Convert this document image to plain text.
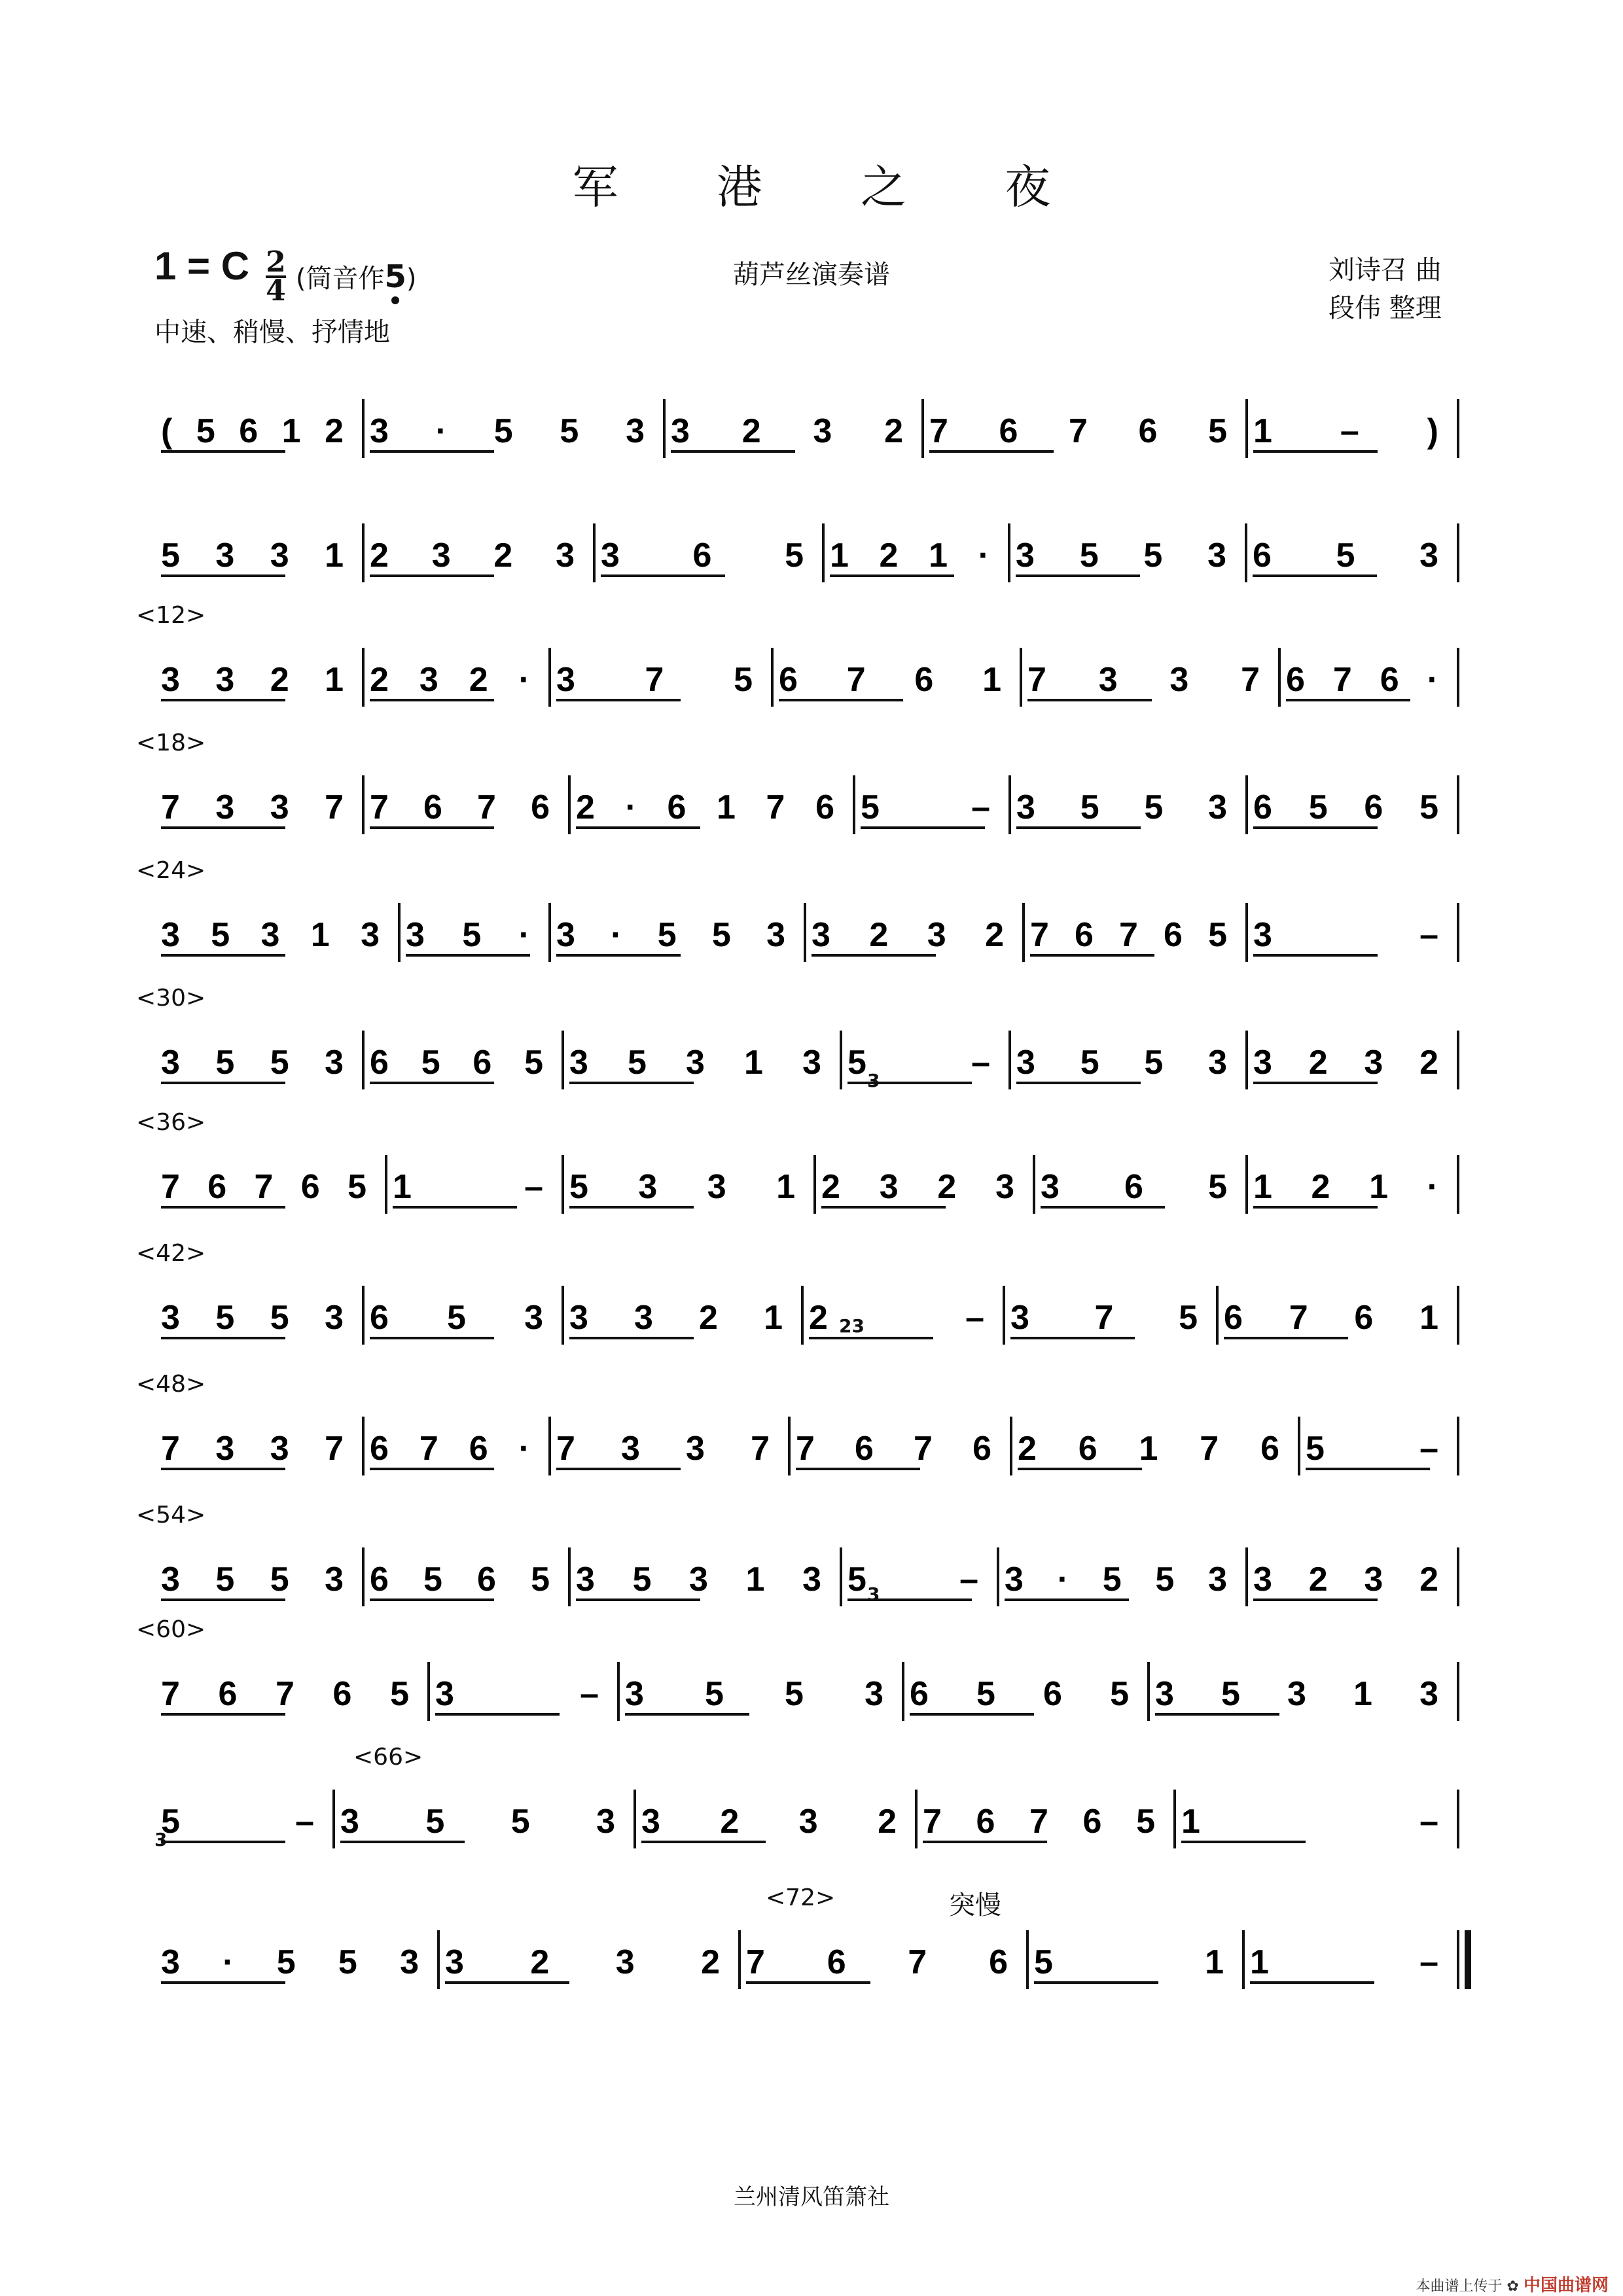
军 港 之 夜
1 = C $\frac{2}{4}$ (筒音作5
)
中速、稍慢、抒情地
葫芦丝演奏谱	刘诗召 曲
段伟 整理
( 5 6 1 2 3 · 5 5 3 3 2 3 2 7 6 7 6 5 1 – )
5 3 3 1 2 3 2 3 3 6 5 1 2 1 · 3 5 5 3 6 5 3
<12>
3 3 2 1 2 3 2 · 3 7 5 6 7 6 1 7 3 3 7 6 7 6 ·
<18>
7 3 3 7 7 6 7 6 2 · 6 1 7 6 5 – 3 5 5 3 6 5 6 5
<24>
3 5 3 1 3 3 5 · 3 · 5 5 3 3 2 3 2 7 6 7 6 5 3 –
<30>
3 5 5 3 6 5 6 5 3 5 3 1 3 5 – 3 5 5 3 3 2 3 2
<36>
7 6 7 6 5 1 – 5 3 3 1 2 3 2 3 3 6 5 1 2 1 ·
<42>
3 5 5 3 6 5 3 3 3 2 1 2 – 3 7 5 6 7 6 1
<48>
7 3 3 7 6 7 6 · 7 3 3 7 7 6 7 6 2 6 1 7 6 5 –
<54>
3 5 5 3 6 5 6 5 3 5 3 1 3 5 – 3 · 5 5 3 3 2 3 2
<60>
7 6 7 6 5 3 – 3 5 5 3 6 5 6 5 3 5 3 1 3
<66>
5 – 3 5 5 3 3 2 3 2 7 6 7 6 5 1 –
<72>
3 · 5 5 3 3 2 3 2 7 6 7 6 5 1 1 –
兰州清风笛箫社
本曲谱上传于 ✿ 中国曲谱网
突慢
3
23
3
3
